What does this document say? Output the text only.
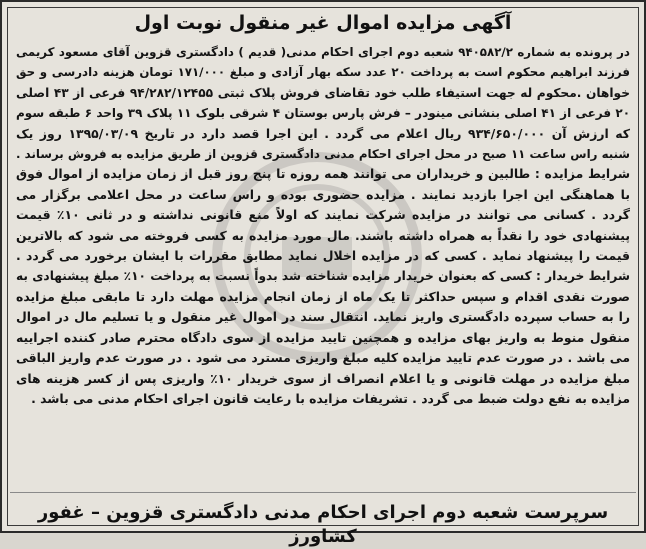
آگهی مزایده اموال غیر منقول نوبت اول
در پرونده به شماره ۹۴۰۵۸۲/۲ شعبه دوم اجرای احکام مدنی( قدیم ) دادگستری قزوین آقای مسعود کریمی
فرزند ابراهیم محکوم است به پرداخت ۲۰ عدد سکه بهار آزادی و مبلغ ۱۷۱/۰۰۰ تومان هزینه دادرسی و حق
خواهان .محکوم له جهت استیفاء طلب خود تقاضای فروش پلاک ثبتی ۹۴/۲۸۲/۱۲۴۵۵ فرعی از ۴۳ اصلی
۲۰ فرعی از ۴۱ اصلی بنشانی مینودر – فرش پارس بوستان ۴ شرقی بلوک ۱۱ پلاک ۳۹ واحد ۶ طبقه سوم
که ارزش آن ۹۳۴/۶۵۰/۰۰۰ ریال اعلام می گردد . این اجرا قصد دارد در تاریخ ۱۳۹۵/۰۳/۰۹ روز یک
شنبه راس ساعت ۱۱ صبح در محل اجرای احکام مدنی دادگستری قزوین از طریق مزایده به فروش برساند .
شرایط مزایده : طالبین و خریداران می توانند همه روزه تا پنج روز قبل از زمان مزایده از اموال فوق
با هماهنگی این اجرا بازدید نمایند . مزایده حضوری بوده و راس ساعت در محل اعلامی برگزار می
گردد . کسانی می توانند در مزایده شرکت نمایند که اولاً منع قانونی نداشته و در ثانی ۱۰٪ قیمت
پیشنهادی خود را نقداً به همراه داشته باشند. مال مورد مزایده به کسی فروخته می شود که بالاترین
قیمت را پیشنهاد نماید . کسی که در مزایده اخلال نماید مطابق مقررات با ایشان برخورد می گردد .
شرایط خریدار : کسی که بعنوان خریدار مزایده شناخته شد بدواً نسبت به پرداخت ۱۰٪ مبلغ پیشنهادی به
صورت نقدی اقدام و سپس حداکثر تا یک ماه از زمان انجام مزایده مهلت دارد تا مابقی مبلغ مزایده
را به حساب سپرده دادگستری واریز نماید. انتقال سند در اموال غیر منقول و یا تسلیم مال در اموال
منقول منوط به واریز بهای مزایده و همچنین تایید مزایده از سوی دادگاه محترم صادر کننده اجراییه
می باشد . در صورت عدم تایید مزایده کلیه مبلغ واریزی مسترد می شود . در صورت عدم واریز الباقی
مبلغ مزایده در مهلت قانونی و یا اعلام انصراف از سوی خریدار ۱۰٪ واریزی پس از کسر هزینه های
مزایده به نفع دولت ضبط می گردد . تشریفات مزایده با رعایت قانون اجرای احکام مدنی می باشد .

سرپرست شعبه دوم اجرای احکام مدنی دادگستری قزوین – غفور کشاورز
